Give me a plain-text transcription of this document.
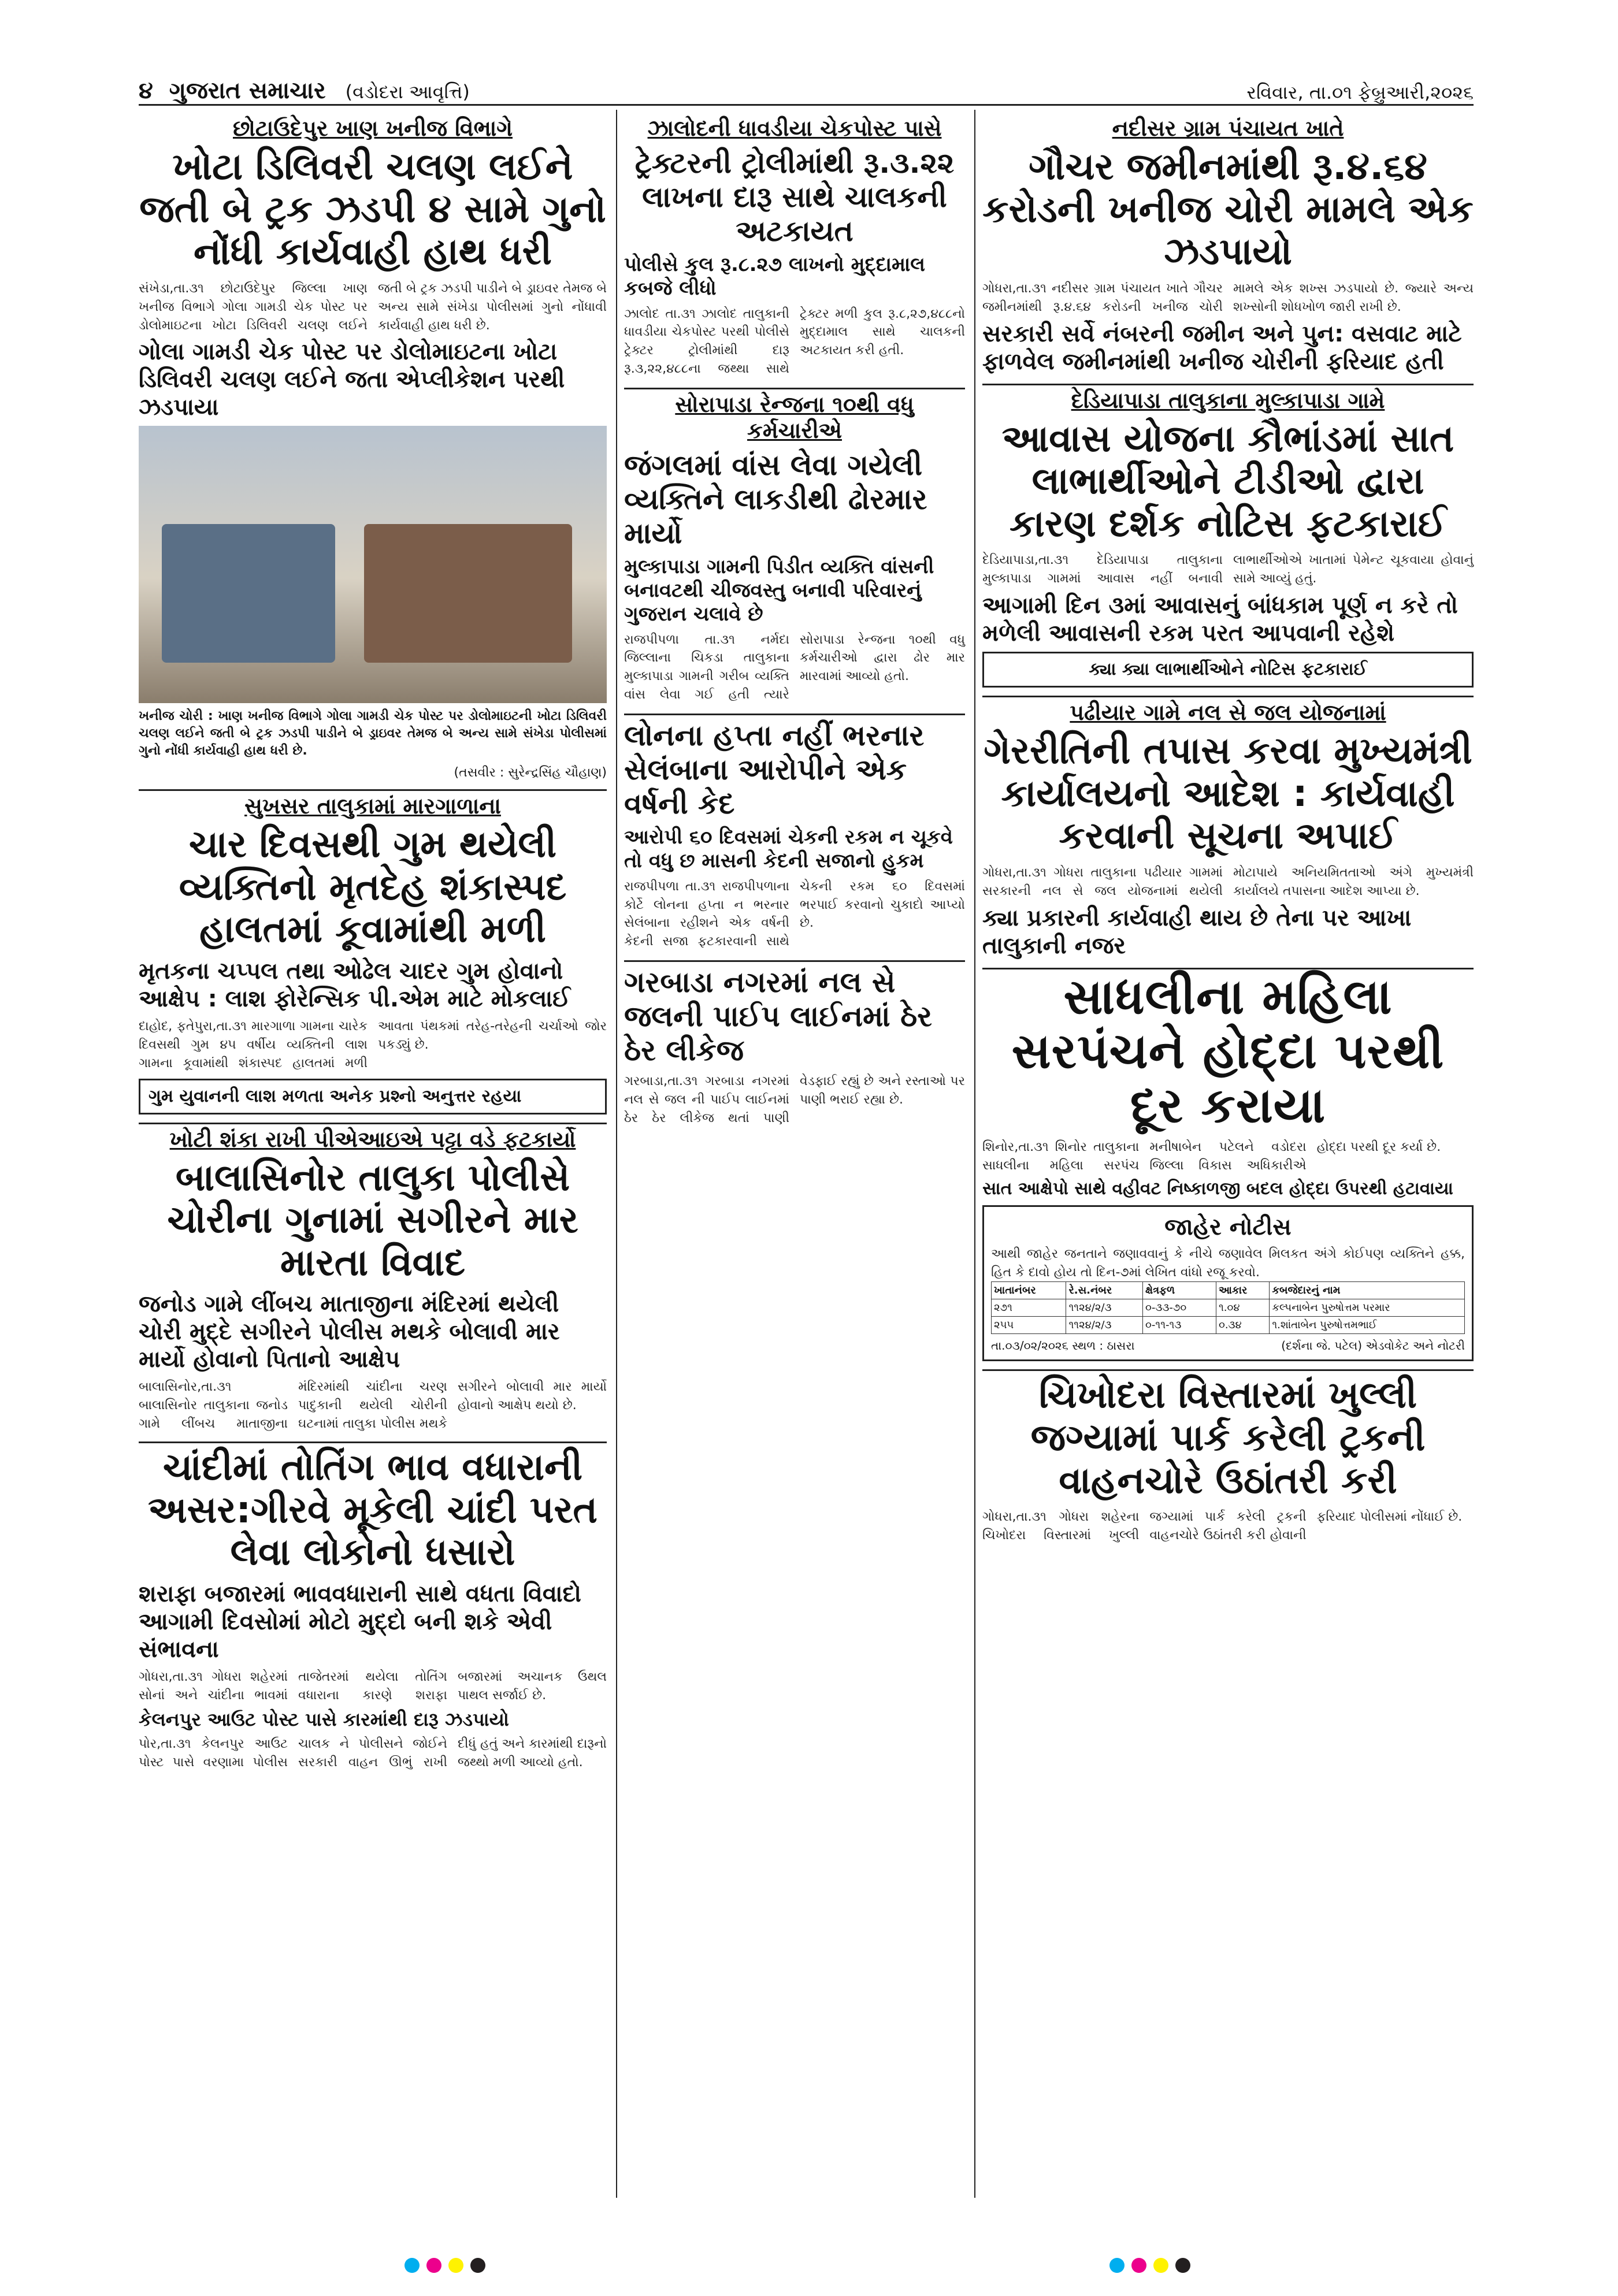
૪ ગુજરાત સમાચાર (વડોદરા આવૃત્તિ)	રવિવાર, તા.૦૧ ફેબ્રુઆરી,૨૦૨૬
છોટાઉદેપુર ખાણ ખનીજ વિભાગે
ખોટા ડિલિવરી ચલણ લઈને જતી બે ટ્રક ઝડપી ૪ સામે ગુનો નોંધી કાર્યવાહી હાથ ધરી
સંખેડા,તા.૩૧ છોટાઉદેપુર જિલ્લા ખાણ ખનીજ વિભાગે ગોલા ગામડી ચેક પોસ્ટ પર ડોલોમાઇટના ખોટા ડિલિવરી ચલણ લઈને જતી બે ટ્રક ઝડપી પાડીને બે ડ્રાઇવર તેમજ બે અન્ય સામે સંખેડા પોલીસમાં ગુનો નોંધાવી કાર્યવાહી હાથ ધરી છે.
ગોલા ગામડી ચેક પોસ્ટ પર ડોલોમાઇટના ખોટા ડિલિવરી ચલણ લઈને જતા એપ્લીકેશન પરથી ઝડપાયા
ખનીજ ચોરી : ખાણ ખનીજ વિભાગે ગોલા ગામડી ચેક પોસ્ટ પર ડોલોમાઇટની ખોટા ડિલિવરી ચલણ લઈને જતી બે ટ્રક ઝડપી પાડીને બે ડ્રાઇવર તેમજ બે અન્ય સામે સંખેડા પોલીસમાં ગુનો નોંધી કાર્યવાહી હાથ ધરી છે.
(તસવીર : સુરેન્દ્રસિંહ ચૌહાણ)
સુખસર તાલુકામાં મારગાળાના
ચાર દિવસથી ગુમ થયેલી વ્યક્તિનો મૃતદેહ શંકાસ્પદ હાલતમાં કૂવામાંથી મળી
મૃતકના ચપ્પલ તથા ઓઢેલ ચાદર ગુમ હોવાનો આક્ષેપ : લાશ ફોરેન્સિક પી.એમ માટે મોકલાઈ
દાહોદ, ફતેપુરા,તા.૩૧ મારગાળા ગામના ચારેક દિવસથી ગુમ ૪૫ વર્ષીય વ્યક્તિની લાશ ગામના કૂવામાંથી શંકાસ્પદ હાલતમાં મળી આવતા પંથકમાં તરેહ-તરેહની ચર્ચાઓ જોર પકડ્યું છે.
ગુમ યુવાનની લાશ મળતા અનેક પ્રશ્નો અનુત્તર રહયા
ખોટી શંકા રાખી પીએઆઇએ પટ્ટા વડે ફટકાર્યો
બાલાસિનોર તાલુકા પોલીસે ચોરીના ગુનામાં સગીરને માર મારતા વિવાદ
જનોડ ગામે લીંબચ માતાજીના મંદિરમાં થયેલી ચોરી મુદ્દે સગીરને પોલીસ મથકે બોલાવી માર માર્યો હોવાનો પિતાનો આક્ષેપ
બાલાસિનોર,તા.૩૧ બાલાસિનોર તાલુકાના જનોડ ગામે લીંબચ માતાજીના મંદિરમાંથી ચાંદીના ચરણ પાદુકાની થયેલી ચોરીની ઘટનામાં તાલુકા પોલીસ મથકે સગીરને બોલાવી માર માર્યો હોવાનો આક્ષેપ થયો છે.
ચાંદીમાં તોતિંગ ભાવ વધારાની અસર:ગીરવે મૂકેલી ચાંદી પરત લેવા લોકોનો ધસારો
શરાફા બજારમાં ભાવવધારાની સાથે વધતા વિવાદો આગામી દિવસોમાં મોટો મુદ્દો બની શકે એવી સંભાવના
ગોધરા,તા.૩૧ ગોધરા શહેરમાં સોનાં અને ચાંદીના ભાવમાં તાજેતરમાં થયેલા તોતિંગ વધારાના કારણે શરાફા બજારમાં અચાનક ઉથલ પાથલ સર્જાઈ છે.
કેલનપુર આઉટ પોસ્ટ પાસે કારમાંથી દારૂ ઝડપાયો
પોર,તા.૩૧ કેલનપુર આઉટ પોસ્ટ પાસે વરણામા પોલીસ ચાલક ને પોલીસને જોઈને સરકારી વાહન ઊભું રાખી દીધું હતું અને કારમાંથી દારૂનો જથ્થો મળી આવ્યો હતો.
ઝાલોદની ધાવડીયા ચેકપોસ્ટ પાસે
ટ્રેક્ટરની ટ્રોલીમાંથી રૂ.૩.૨૨ લાખના દારૂ સાથે ચાલકની અટકાયત
પોલીસે કુલ રૂ.૮.૨૭ લાખનો મુદ્દામાલ કબજે લીધો
ઝાલોદ તા.૩૧ ઝાલોદ તાલુકાની ધાવડીયા ચેકપોસ્ટ પરથી પોલીસે ટ્રેક્ટર ટ્રોલીમાંથી દારૂ રૂ.૩,૨૨,૪૮૮ના જથ્થા સાથે ટ્રેક્ટર મળી કુલ રૂ.૮,૨૭,૪૮૮નો મુદ્દામાલ સાથે ચાલકની અટકાયત કરી હતી.
સોરાપાડા રેન્જના ૧૦થી વધુ કર્મચારીએ
જંગલમાં વાંસ લેવા ગયેલી વ્યક્તિને લાકડીથી ઢોરમાર માર્યો
મુલ્કાપાડા ગામની પિડીત વ્યક્તિ વાંસની બનાવટથી ચીજવસ્તુ બનાવી પરિવારનું ગુજરાન ચલાવે છે
રાજપીપળા તા.૩૧ નર્મદા જિલ્લાના ચિકડા તાલુકાના મુલ્કાપાડા ગામની ગરીબ વ્યક્તિ વાંસ લેવા ગઈ હતી ત્યારે સોરાપાડા રેન્જના ૧૦થી વધુ કર્મચારીઓ દ્વારા ઢોર માર મારવામાં આવ્યો હતો.
લોનના હપ્તા નહીં ભરનાર સેલંબાના આરોપીને એક વર્ષની કેદ
આરોપી ૬૦ દિવસમાં ચેકની રકમ ન ચૂકવે તો વધુ છ માસની કેદની સજાનો હુકમ
રાજપીપળા તા.૩૧ રાજપીપળાના કોર્ટે લોનના હપ્તા ન ભરનાર સેલંબાના રહીશને એક વર્ષની કેદની સજા ફટકારવાની સાથે ચેકની રકમ ૬૦ દિવસમાં ભરપાઈ કરવાનો ચુકાદો આપ્યો છે.
ગરબાડા નગરમાં નલ સે જલની પાઈપ લાઈનમાં ઠેર ઠેર લીકેજ
ગરબાડા,તા.૩૧ ગરબાડા નગરમાં નલ સે જલ ની પાઈપ લાઈનમાં ઠેર ઠેર લીકેજ થતાં પાણી વેડફાઈ રહ્યું છે અને રસ્તાઓ પર પાણી ભરાઈ રહ્યા છે.
નદીસર ગ્રામ પંચાયત ખાતે
ગૌચર જમીનમાંથી રૂ.૪.૬૪ કરોડની ખનીજ ચોરી મામલે એક ઝડપાયો
ગોધરા,તા.૩૧ નદીસર ગ્રામ પંચાયત ખાતે ગૌચર જમીનમાંથી રૂ.૪.૬૪ કરોડની ખનીજ ચોરી મામલે એક શખ્સ ઝડપાયો છે. જ્યારે અન્ય શખ્સોની શોધખોળ જારી રાખી છે.
સરકારી સર્વે નંબરની જમીન અને પુન: વસવાટ માટે ફાળવેલ જમીનમાંથી ખનીજ ચોરીની ફરિયાદ હતી
દેડિયાપાડા તાલુકાના મુલ્કાપાડા ગામે
આવાસ યોજના કૌભાંડમાં સાત લાભાર્થીઓને ટીડીઓ દ્વારા કારણ દર્શક નોટિસ ફટકારાઈ
દેડિયાપાડા,તા.૩૧ દેડિયાપાડા તાલુકાના મુલ્કાપાડા ગામમાં આવાસ નહીં બનાવી લાભાર્થીઓએ ખાતામાં પેમેન્ટ ચૂકવાયા હોવાનું સામે આવ્યું હતું.
આગામી દિન ૩માં આવાસનું બાંધકામ પૂર્ણ ન કરે તો મળેલી આવાસની રકમ પરત આપવાની રહેશે
ક્યા ક્યા લાભાર્થીઓને નોટિસ ફટકારાઈ
પઢીયાર ગામે નલ સે જલ યોજનામાં
ગેરરીતિની તપાસ કરવા મુખ્યમંત્રી કાર્યાલયનો આદેશ : કાર્યવાહી કરવાની સૂચના અપાઈ
ગોધરા,તા.૩૧ ગોધરા તાલુકાના પઢીયાર ગામમાં સરકારની નલ સે જલ યોજનામાં થયેલી મોટાપાયે અનિયમિતતાઓ અંગે મુખ્યમંત્રી કાર્યાલયે તપાસના આદેશ આપ્યા છે.
ક્યા પ્રકારની કાર્યવાહી થાય છે તેના પર આખા તાલુકાની નજર
સાધલીના મહિલા સરપંચને હોદ્દા પરથી દૂર કરાયા
શિનોર,તા.૩૧ શિનોર તાલુકાના સાધલીના મહિલા સરપંચ મનીષાબેન પટેલને વડોદરા જિલ્લા વિકાસ અધિકારીએ હોદ્દા પરથી દૂર કર્યા છે.
સાત આક્ષેપો સાથે વહીવટ નિષ્કાળજી બદલ હોદ્દા ઉપરથી હટાવાયા
જાહેર નોટીસ
આથી જાહેર જનતાને જણાવવાનું કે નીચે જણાવેલ મિલકત અંગે કોઈપણ વ્યક્તિને હક્ક, હિત કે દાવો હોય તો દિન-૭માં લેખિત વાંધો રજૂ કરવો.
ખાતાનંબર	રે.સ.નંબર	ક્ષેત્રફળ	આકાર	કબજેદારનું નામ
૨૭૧	૧૧૨૪/૨/૩	૦-૩૩-૭૦	૧.૦૪	કલ્પનાબેન પુરુષોત્તમ પરમાર
૨૫૫	૧૧૨૪/૨/૩	૦-૧૧-૧૩	૦.૩૪	૧.શાંતાબેન પુરુષોત્તમભાઈ
તા.૦૩/૦૨/૨૦૨૬ સ્થળ : ઠાસરા	(દર્શના જે. પટેલ) એડવોકેટ અને નોટરી
ચિખોદરા વિસ્તારમાં ખુલ્લી જગ્યામાં પાર્ક કરેલી ટ્રકની વાહનચોરે ઉઠાંતરી કરી
ગોધરા,તા.૩૧ ગોધરા શહેરના ચિખોદરા વિસ્તારમાં ખુલ્લી જગ્યામાં પાર્ક કરેલી ટ્રકની વાહનચોરે ઉઠાંતરી કરી હોવાની ફરિયાદ પોલીસમાં નોંધાઈ છે.
